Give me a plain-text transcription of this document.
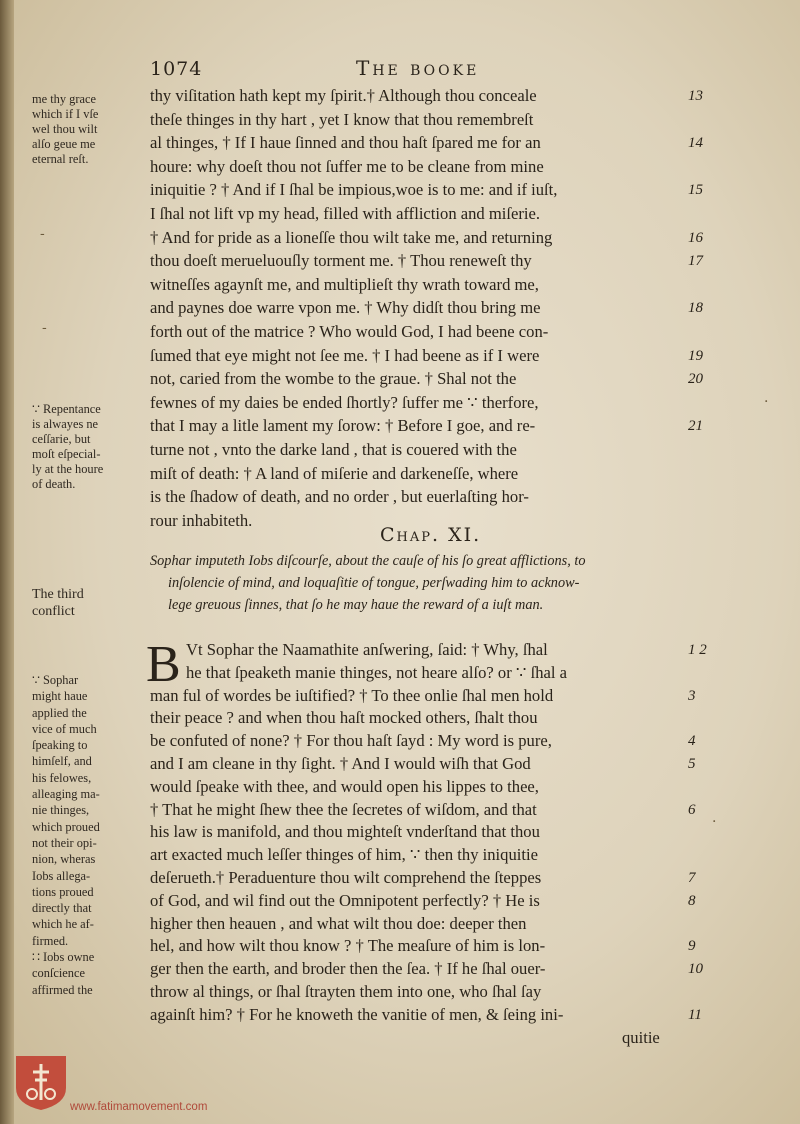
1074	The booke
thy viſitation hath kept my ſpirit.† Although thou conceale	13
theſe thinges in thy hart , yet I know that thou remembreſt
al thinges, † If I haue ſinned and thou haſt ſpared me for an	14
houre: why doeſt thou not ſuffer me to be cleane from mine
iniquitie ? † And if I ſhal be impious,woe is to me: and if iuſt,	15
I ſhal not lift vp my head, filled with affliction and miſerie.
† And for pride as a lioneſſe thou wilt take me, and returning	16
thou doeſt merueluouſly torment me. † Thou reneweſt thy	17
witneſſes agaynſt me, and multiplieſt thy wrath toward me,
and paynes doe warre vpon me. † Why didſt thou bring me	18
forth out of the matrice ? Who would God, I had beene con-
ſumed that eye might not ſee me. † I had beene as if I were	19
not, caried from the wombe to the graue. † Shal not the	20
fewnes of my daies be ended ſhortly? ſuffer me ∵ therfore,
that I may a litle lament my ſorow: † Before I goe, and re-	21
turne not , vnto the darke land , that is couered with the
miſt of death: † A land of miſerie and darkeneſſe, where
is the ſhadow of death, and no order , but euerlaſting hor-
rour inhabiteth.
Chap. XI.
Sophar imputeth Iobs diſcourſe, about the cauſe of his ſo great afflictions, to
inſolencie of mind, and loquaſitie of tongue, perſwading him to acknow-
lege greuous ſinnes, that ſo he may haue the reward of a iuſt man.
B Vt Sophar the Naamathite anſwering, ſaid: † Why, ſhal	1 2
he that ſpeaketh manie thinges, not heare alſo? or ∵ ſhal a
man ful of wordes be iuſtified? † To thee onlie ſhal men hold	3
their peace ? and when thou haſt mocked others, ſhalt thou
be confuted of none? † For thou haſt ſayd : My word is pure,	4
and I am cleane in thy ſight. † And I would wiſh that God	5
would ſpeake with thee, and would open his lippes to thee,
† That he might ſhew thee the ſecretes of wiſdom, and that	6
his law is manifold, and thou mighteſt vnderſtand that thou
art exacted much leſſer thinges of him, ∵ then thy iniquitie
deſerueth.† Peraduenture thou wilt comprehend the ſteppes	7
of God, and wil find out the Omnipotent perfectly? † He is	8
higher then heauen , and what wilt thou doe: deeper then
hel, and how wilt thou know ? † The meaſure of him is lon-	9
ger then the earth, and broder then the ſea. † If he ſhal ouer-	10
throw al things, or ſhal ſtrayten them into one, who ſhal ſay
againſt him? † For he knoweth the vanitie of men, & ſeing ini-	11
quitie
me thy grace
which if I vſe
wel thou wilt
alſo geue me
eternal reſt.
∵ Repentance
is alwayes ne
ceſſarie, but
moſt eſpecial-
ly at the houre
of death.
The third
conflict
∵ Sophar
might haue
applied the
vice of much
ſpeaking to
himſelf, and
his felowes,
alleaging ma-
nie thinges,
which proued
not their opi-
nion, wheras
Iobs allega-
tions proued
directly that
which he af-
firmed.
∷ Iobs owne
conſcience
affirmed the
-
-
·
·
www.fatimamovement.com
